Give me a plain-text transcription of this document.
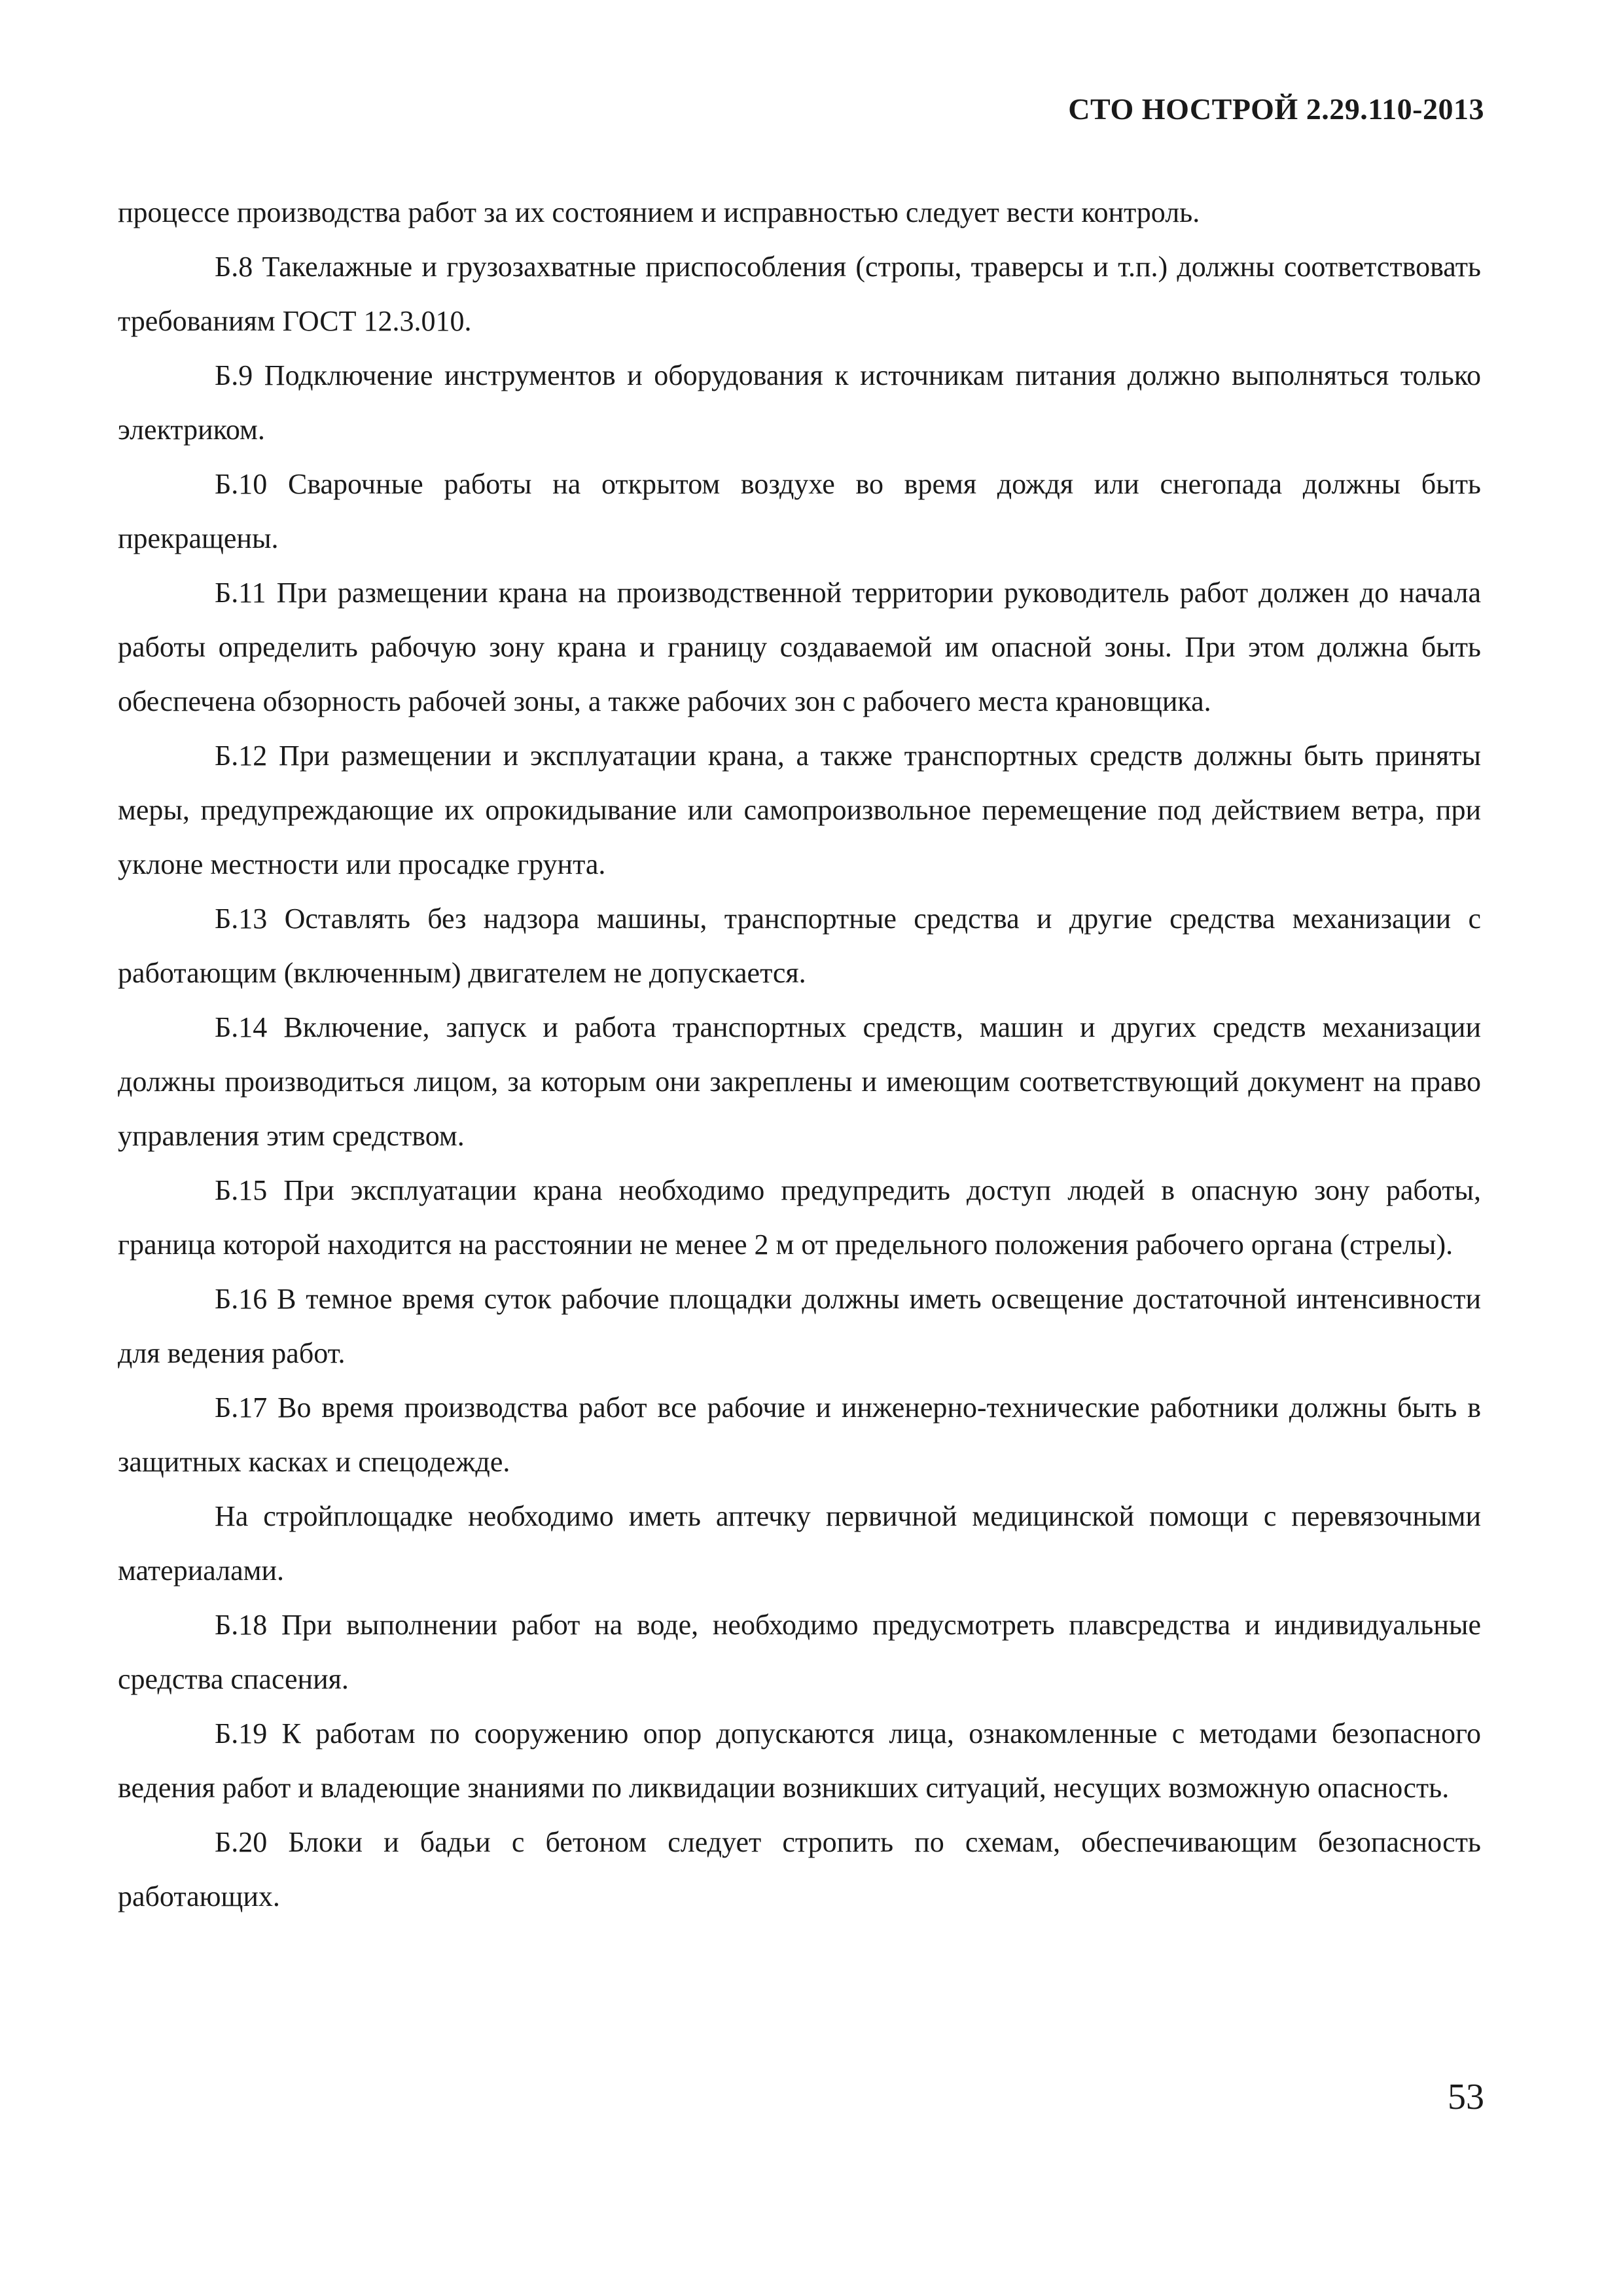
СТО НОСТРОЙ 2.29.110-2013

процессе производства работ за их состоянием и исправностью следует вести контроль.

Б.8 Такелажные и грузозахватные приспособления (стропы, траверсы и т.п.) должны соответствовать требованиям ГОСТ 12.3.010.

Б.9 Подключение инструментов и оборудования к источникам питания должно выполняться только электриком.

Б.10 Сварочные работы на открытом воздухе во время дождя или снегопада должны быть прекращены.

Б.11 При размещении крана на производственной территории руководитель работ должен до начала работы определить рабочую зону крана и границу создаваемой им опасной зоны. При этом должна быть обеспечена обзорность рабочей зоны, а также рабочих зон с рабочего места крановщика.

Б.12 При размещении и эксплуатации крана, а также транспортных средств должны быть приняты меры, предупреждающие их опрокидывание или самопроизвольное перемещение под действием ветра, при уклоне местности или просадке грунта.

Б.13 Оставлять без надзора машины, транспортные средства и другие средства механизации с работающим (включенным) двигателем не допускается.

Б.14 Включение, запуск и работа транспортных средств, машин и других средств механизации должны производиться лицом, за которым они закреплены и имеющим соответствующий документ на право управления этим средством.

Б.15 При эксплуатации крана необходимо предупредить доступ людей в опасную зону работы, граница которой находится на расстоянии не менее 2 м от предельного положения рабочего органа (стрелы).

Б.16 В темное время суток рабочие площадки должны иметь освещение достаточной интенсивности для ведения работ.

Б.17 Во время производства работ все рабочие и инженерно-технические работники должны быть в защитных касках и спецодежде.

На стройплощадке необходимо иметь аптечку первичной медицинской помощи с перевязочными материалами.

Б.18 При выполнении работ на воде, необходимо предусмотреть плавсредства и индивидуальные средства спасения.

Б.19 К работам по сооружению опор допускаются лица, ознакомленные с методами безопасного ведения работ и владеющие знаниями по ликвидации возникших ситуаций, несущих возможную опасность.

Б.20 Блоки и бадьи с бетоном следует стропить по схемам, обеспечивающим безопасность работающих.

53
